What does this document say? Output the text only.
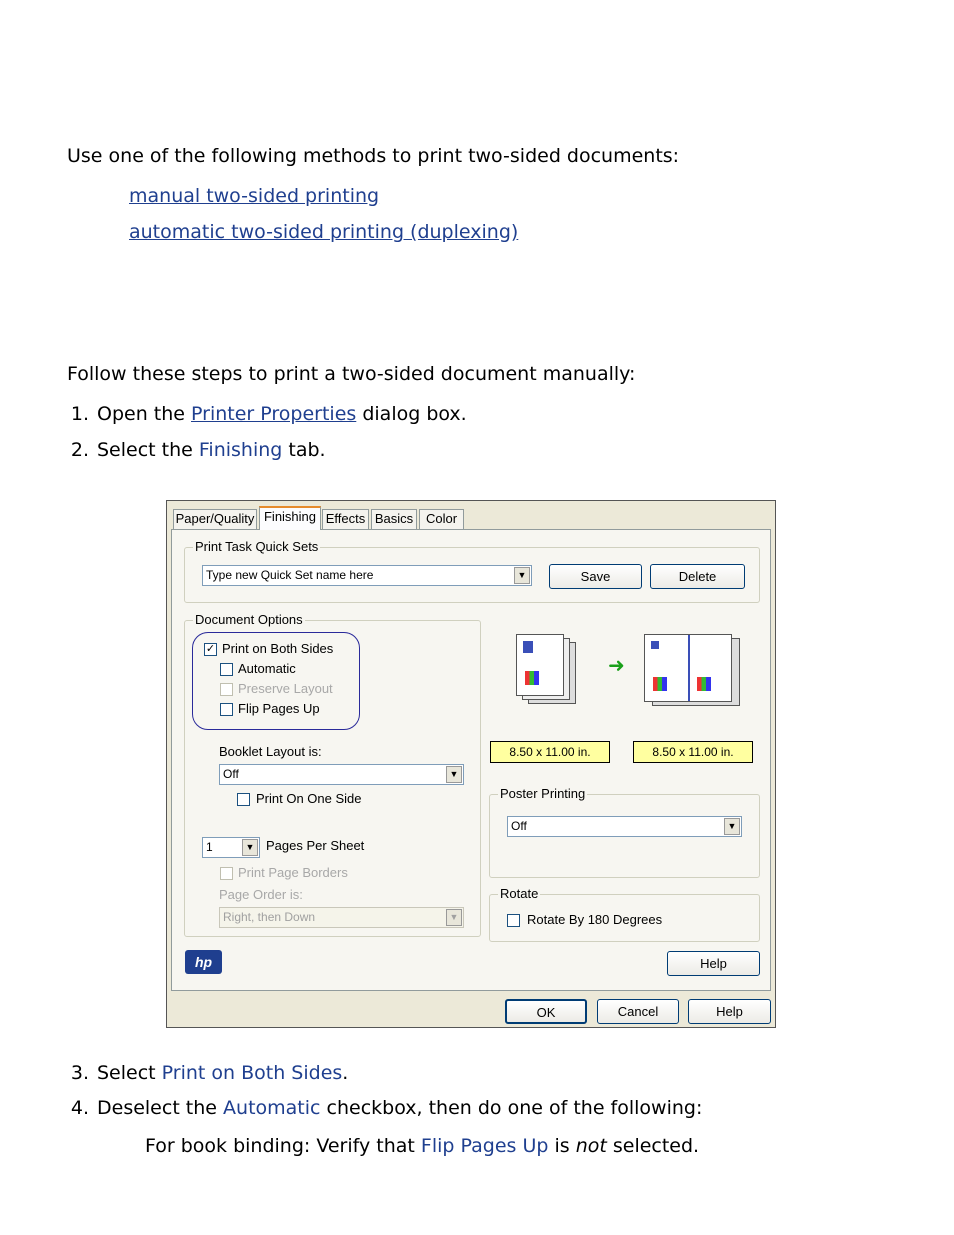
Use one of the following methods to print two-sided documents:
manual two-sided printing
automatic two-sided printing (duplexing)
Follow these steps to print a two-sided document manually:
1. Open the Printer Properties dialog box.
2. Select the Finishing tab.
Paper/Quality Finishing Effects Basics Color
Print Task Quick Sets
Type new Quick Set name here	▼	Save	Delete
Document Options
✓ Print on Both Sides
Automatic
Preserve Layout
Flip Pages Up
Booklet Layout is:
Off	▼
Print On One Side
1	▼ Pages Per Sheet
Print Page Borders
Page Order is:
Right, then Down	▼
➜
8.50 x 11.00 in.	8.50 x 11.00 in.
Poster Printing
Off	▼
Rotate
Rotate By 180 Degrees
hp	Help
OK	Cancel	Help
3. Select Print on Both Sides.
4. Deselect the Automatic checkbox, then do one of the following:
For book binding: Verify that Flip Pages Up is not selected.
